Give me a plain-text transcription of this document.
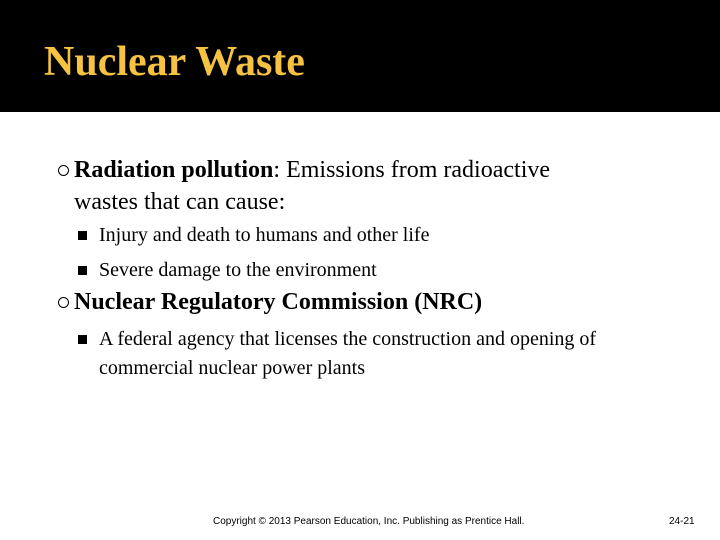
Nuclear Waste
Radiation pollution: Emissions from radioactive
wastes that can cause:
Injury and death to humans and other life
Severe damage to the environment
Nuclear Regulatory Commission (NRC)
A federal agency that licenses the construction and opening of commercial nuclear power plants
Copyright © 2013 Pearson Education, Inc. Publishing as Prentice Hall.	24-21
